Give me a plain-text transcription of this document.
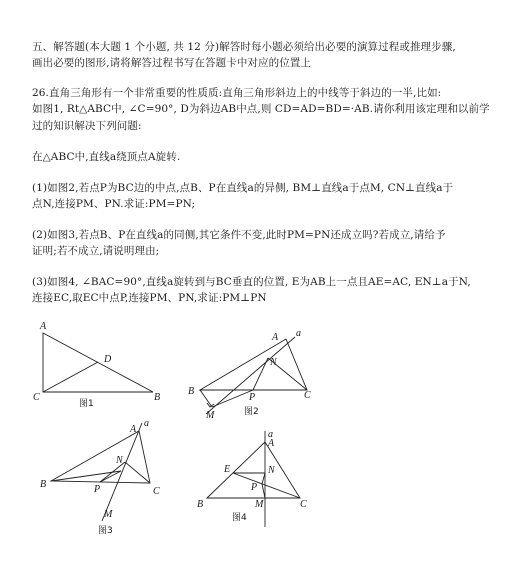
五、解答题(本大题 1 个小题, 共 12 分)解答时每小题必须给出必要的演算过程或推理步骤,
画出必要的图形,请将解答过程书写在答题卡中对应的位置上
26.直角三角形有一个非常重要的性质质:直角三角形斜边上的中线等于斜边的一半,比如:
如图1, Rt△ABC中, ∠C=90°, D为斜边AB中点,则 CD=AD=BD=·AB.请你利用该定理和以前学
过的知识解决下列问题:
在△ABC中,直线a绕顶点A旋转.
(1)如图2,若点P为BC边的中点,点B、P在直线a的异侧, BM⊥直线a于点M, CN⊥直线a于
点N,连接PM、PN.求证:PM=PN;
(2)如图3,若点B、P在直线a的同侧,其它条件不变,此时PM=PN还成立吗?若成立,请给予
证明;若不成立,请说明理由;
(3)如图4, ∠BAC=90°,直线a旋转到与BC垂直的位置, E为AB上一点且AE=AC, EN⊥a于N,
连接EC,取EC中点P,连接PM、PN,求证:PM⊥PN
A
C	B
D
图1
A a
B	C
N
P
M	图2
A
a
B
C
N
P
M
图3
a
A
E	N
P
B	M	C
图4
